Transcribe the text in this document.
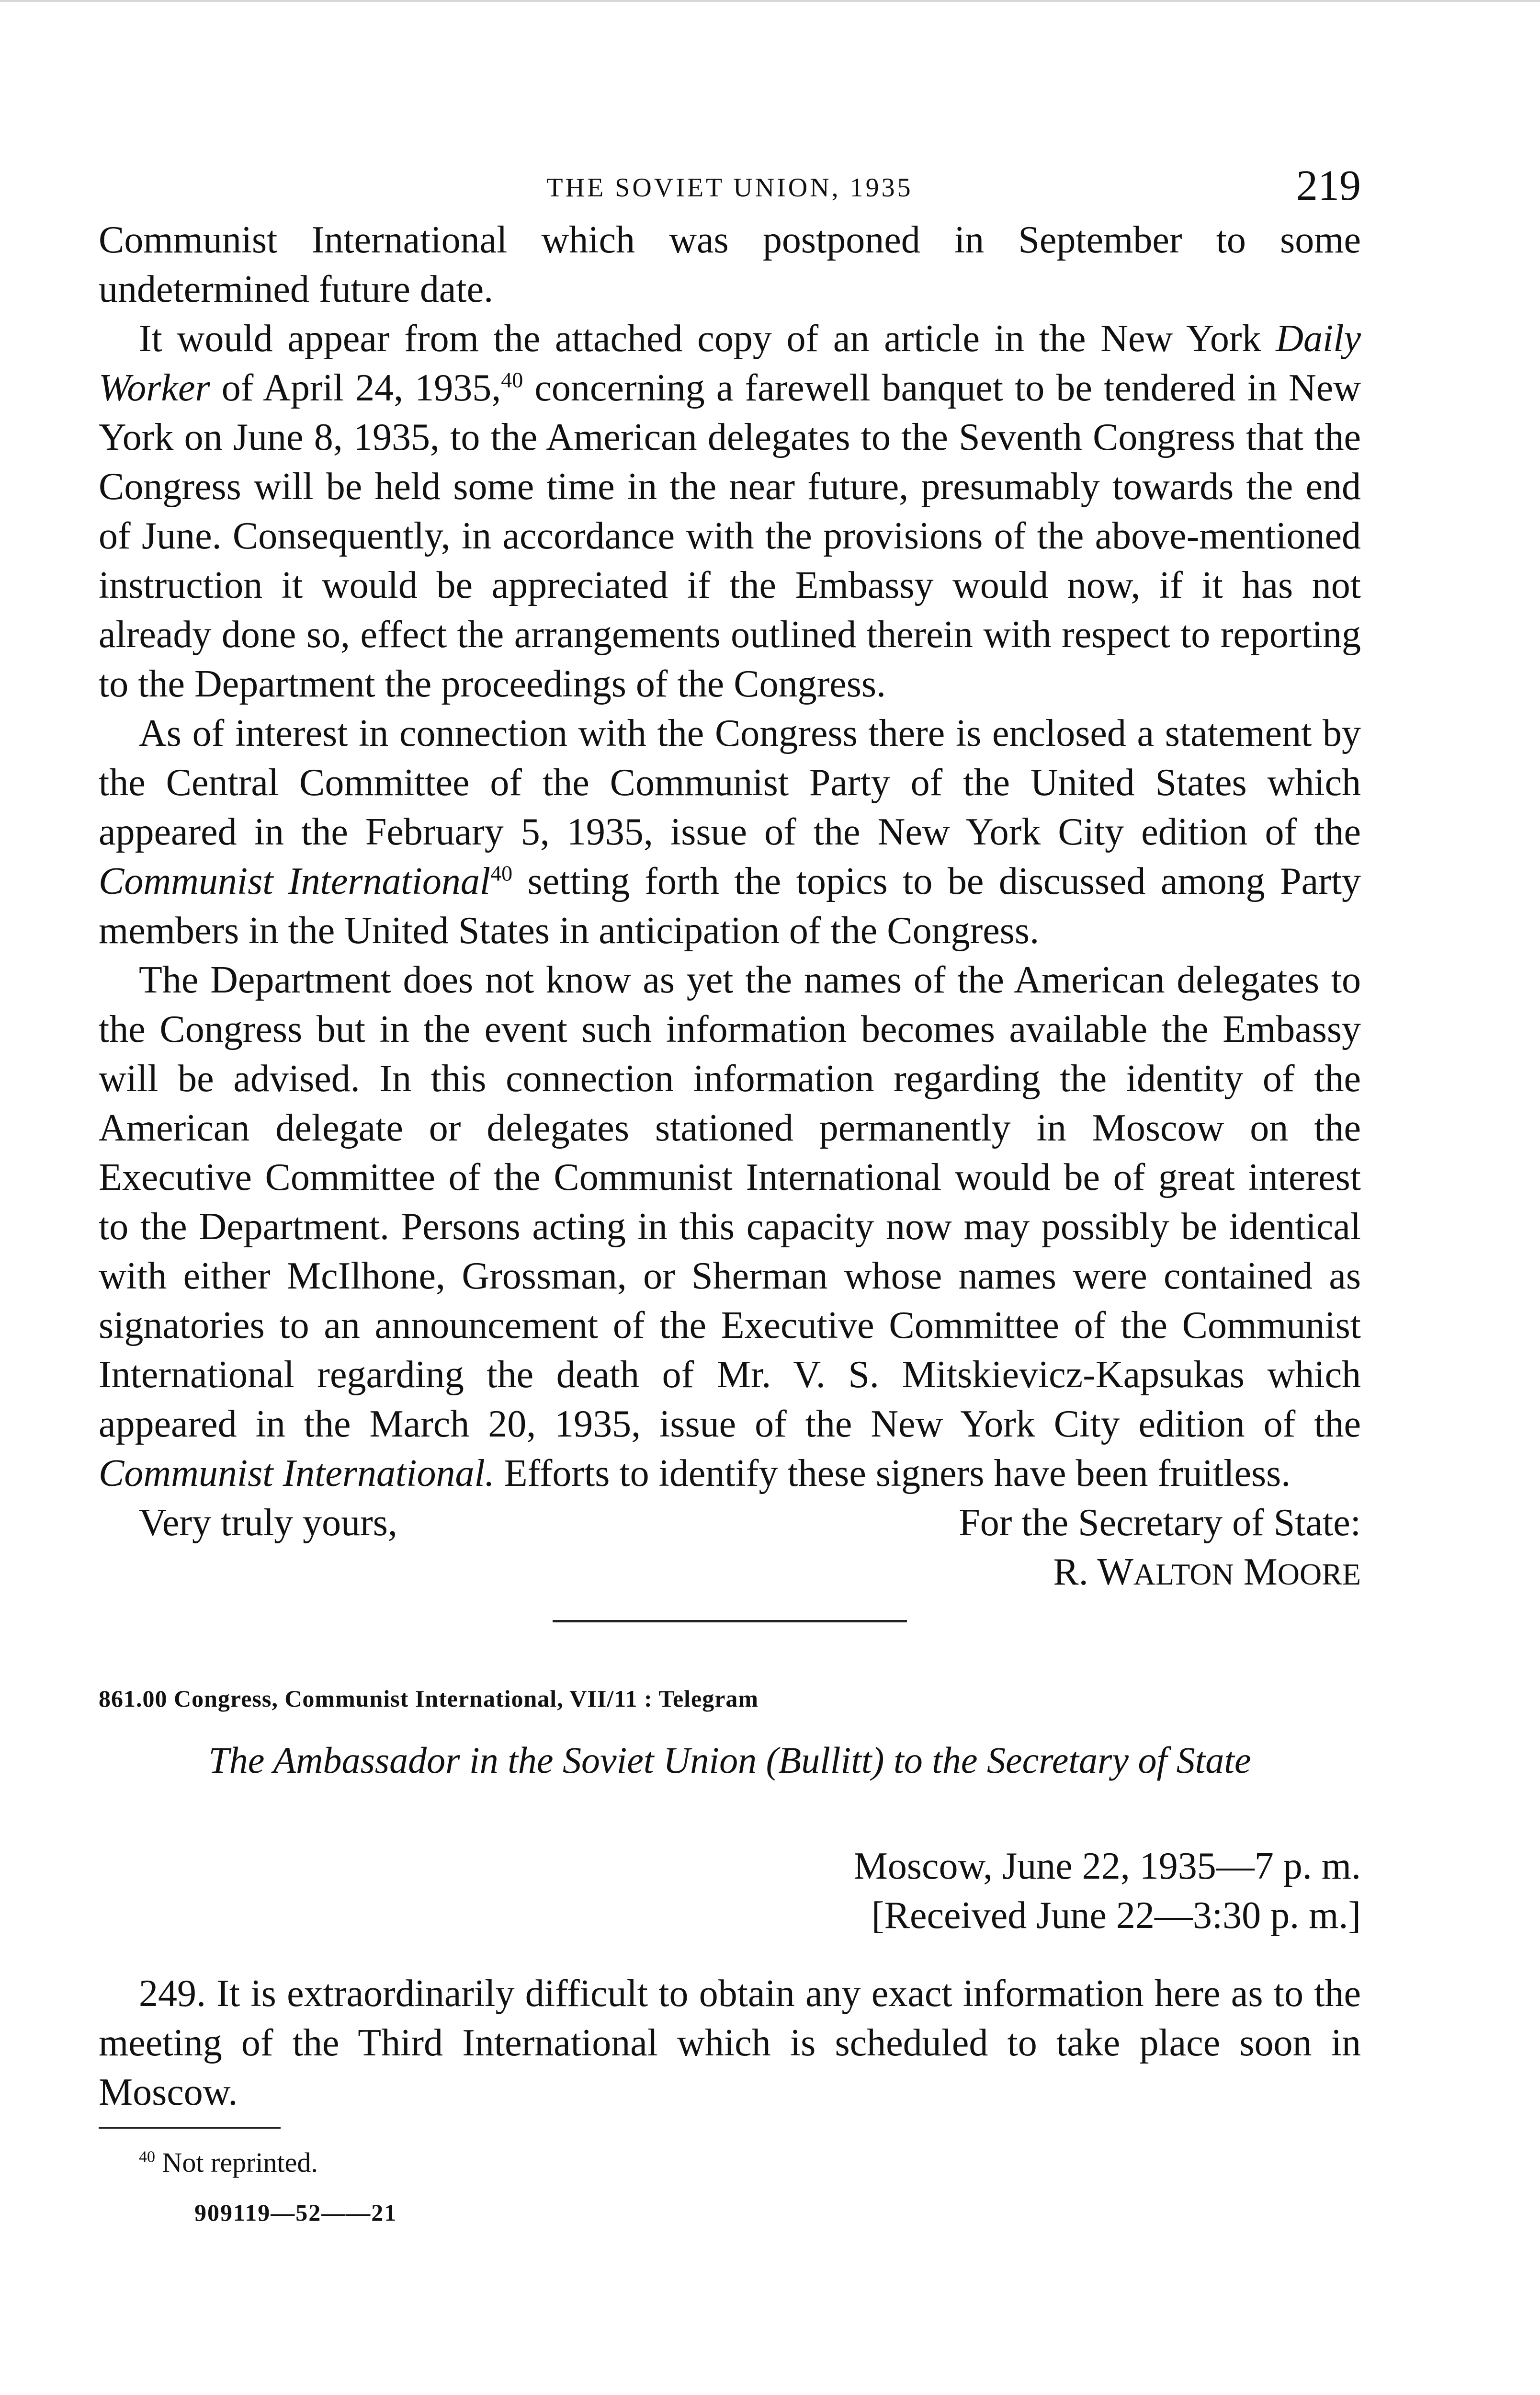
THE SOVIET UNION, 1935	219

Communist International which was postponed in September to some undetermined future date.

It would appear from the attached copy of an article in the New York Daily Worker of April 24, 1935,40 concerning a farewell banquet to be tendered in New York on June 8, 1935, to the American delegates to the Seventh Congress that the Congress will be held some time in the near future, presumably towards the end of June. Consequently, in accordance with the provisions of the above-mentioned instruction it would be appreciated if the Embassy would now, if it has not already done so, effect the arrangements outlined therein with respect to reporting to the Department the proceedings of the Congress.

As of interest in connection with the Congress there is enclosed a statement by the Central Committee of the Communist Party of the United States which appeared in the February 5, 1935, issue of the New York City edition of the Communist International$^{40}$ setting forth the topics to be discussed among Party members in the United States in anticipation of the Congress.

The Department does not know as yet the names of the American delegates to the Congress but in the event such information becomes available the Embassy will be advised. In this connection information regarding the identity of the American delegate or delegates stationed permanently in Moscow on the Executive Committee of the Communist International would be of great interest to the Department. Persons acting in this capacity now may possibly be identical with either McIlhone, Grossman, or Sherman whose names were contained as signatories to an announcement of the Executive Committee of the Communist International regarding the death of Mr. V. S. Mitskievicz-Kapsukas which appeared in the March 20, 1935, issue of the New York City edition of the Communist International. Efforts to identify these signers have been fruitless.

Very truly yours,	For the Secretary of State:
R. WALTON MOORE
861.00 Congress, Communist International, VII/11 : Telegram
The Ambassador in the Soviet Union (Bullitt) to the Secretary of State
Moscow, June 22, 1935—7 p. m.
[Received June 22—3:30 p. m.]

249. It is extraordinarily difficult to obtain any exact information here as to the meeting of the Third International which is scheduled to take place soon in Moscow.

$^{40}$ Not reprinted.
909119—52——21
